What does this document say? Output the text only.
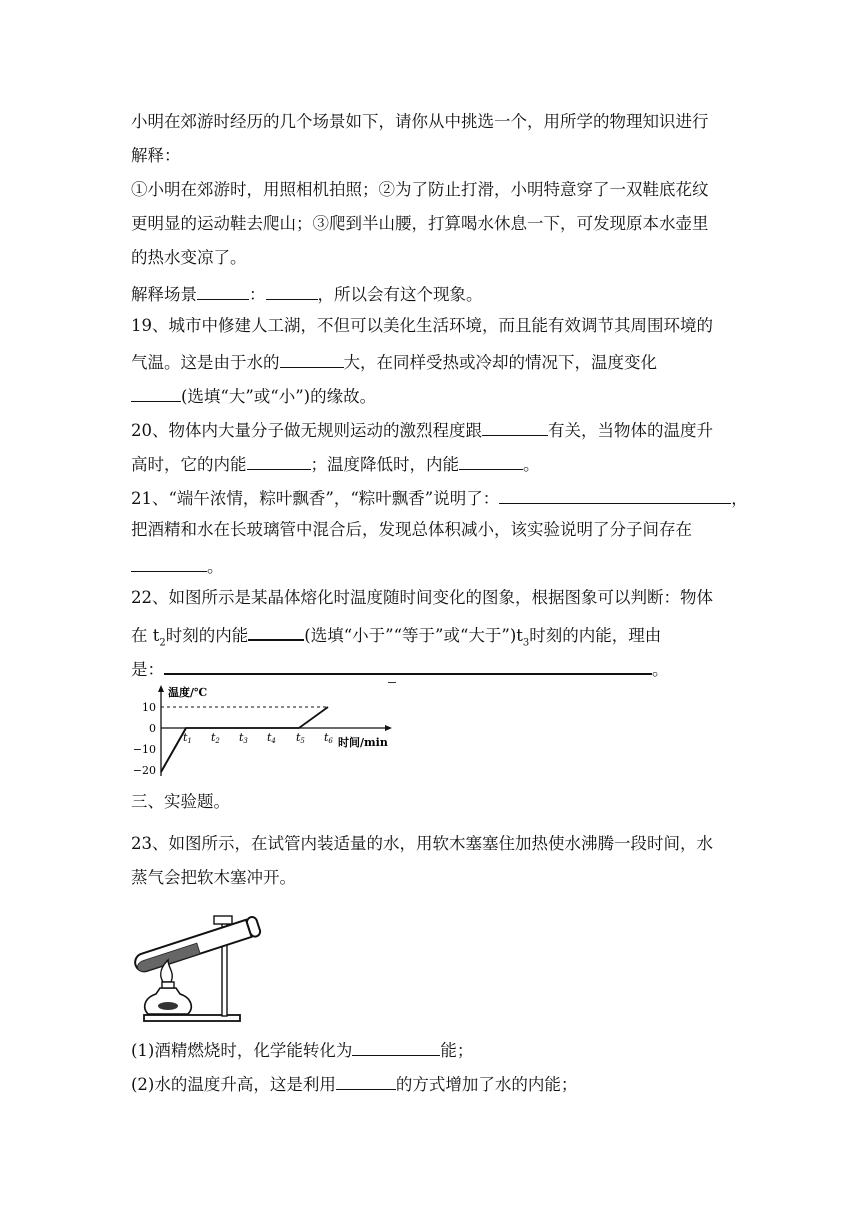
小明在郊游时经历的几个场景如下，请你从中挑选一个，用所学的物理知识进行
解释：
①小明在郊游时，用照相机拍照；②为了防止打滑，小明特意穿了一双鞋底花纹
更明显的运动鞋去爬山；③爬到半山腰，打算喝水休息一下，可发现原本水壶里
的热水变凉了。
解释场景	：	，所以会有这个现象。
19、城市中修建人工湖，不但可以美化生活环境，而且能有效调节其周围环境的
气温。这是由于水的	大，在同样受热或冷却的情况下，温度变化
(选填“大”或“小”)的缘故。
20、物体内大量分子做无规则运动的激烈程度跟	有关，当物体的温度升
高时，它的内能	；温度降低时，内能	。
21、“端午浓情，粽叶飘香”，“粽叶飘香”说明了：	，
把酒精和水在长玻璃管中混合后，发现总体积减小，该实验说明了分子间存在
。
22、如图所示是某晶体熔化时温度随时间变化的图象，根据图象可以判断：物体
在 $t_2$时刻的内能	(选填“小于”“等于”或“大于$”)t_3$时刻的内能，理由
是：	。
温度/℃
时间/min
10
0
−10
−20
t1 t2 t3 t4 t5 t6
三、实验题。
23、如图所示，在试管内装适量的水，用软木塞塞住加热使水沸腾一段时间，水
蒸气会把软木塞冲开。
(1)酒精燃烧时，化学能转化为	能；
(2)水的温度升高，这是利用	的方式增加了水的内能；
